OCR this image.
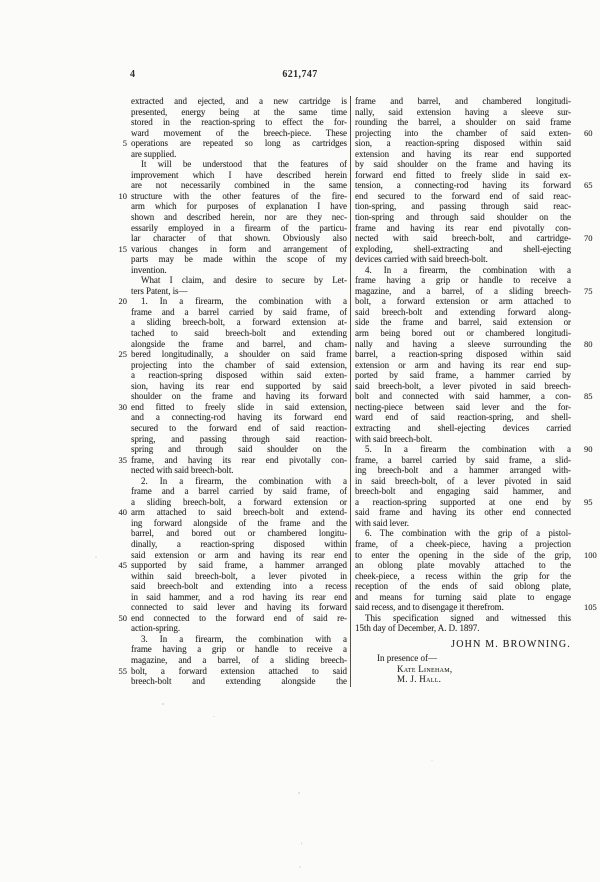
4	621,747
5
10
15
20
25
30
35
40
45
50
55
extracted and ejected, and a new cartridge is
presented, energy being at the same time
stored in the reaction-spring to effect the for-
ward movement of the breech-piece. These
operations are repeated so long as cartridges
are supplied.
It will be understood that the features of
improvement which I have described herein
are not necessarily combined in the same
structure with the other features of the fire-
arm which for purposes of explanation I have
shown and described herein, nor are they nec-
essarily employed in a firearm of the particu-
lar character of that shown. Obviously also
various changes in form and arrangement of
parts may be made within the scope of my
invention.
What I claim, and desire to secure by Let-
ters Patent, is—
1. In a firearm, the combination with a
frame and a barrel carried by said frame, of
a sliding breech-bolt, a forward extension at-
tached to said breech-bolt and extending
alongside the frame and barrel, and cham-
bered longitudinally, a shoulder on said frame
projecting into the chamber of said extension,
a reaction-spring disposed within said exten-
sion, having its rear end supported by said
shoulder on the frame and having its forward
end fitted to freely slide in said extension,
and a connecting-rod having its forward end
secured to the forward end of said reaction-
spring, and passing through said reaction-
spring and through said shoulder on the
frame, and having its rear end pivotally con-
nected with said breech-bolt.
2. In a firearm, the combination with a
frame and a barrel carried by said frame, of
a sliding breech-bolt, a forward extension or
arm attached to said breech-bolt and extend-
ing forward alongside of the frame and the
barrel, and bored out or chambered longitu-
dinally, a reaction-spring disposed within
said extension or arm and having its rear end
supported by said frame, a hammer arranged
within said breech-bolt, a lever pivoted in
said breech-bolt and extending into a recess
in said hammer, and a rod having its rear end
connected to said lever and having its forward
end connected to the forward end of said re-
action-spring.
3. In a firearm, the combination with a
frame having a grip or handle to receive a
magazine, and a barrel, of a sliding breech-
bolt, a forward extension attached to said
breech-bolt and extending alongside the
frame and barrel, and chambered longitudi-
nally, said extension having a sleeve sur-
rounding the barrel, a shoulder on said frame
projecting into the chamber of said exten-
sion, a reaction-spring disposed within said
extension and having its rear end supported
by said shoulder on the frame and having its
forward end fitted to freely slide in said ex-
tension, a connecting-rod having its forward
end secured to the forward end of said reac-
tion-spring, and passing through said reac-
tion-spring and through said shoulder on the
frame and having its rear end pivotally con-
nected with said breech-bolt, and cartridge-
exploding, shell-extracting and shell-ejecting
devices carried with said breech-bolt.
4. In a firearm, the combination with a
frame having a grip or handle to receive a
magazine, and a barrel, of a sliding breech-
bolt, a forward extension or arm attached to
said breech-bolt and extending forward along-
side the frame and barrel, said extension or
arm being bored out or chambered longitudi-
nally and having a sleeve surrounding the
barrel, a reaction-spring disposed within said
extension or arm and having its rear end sup-
ported by said frame, a hammer carried by
said breech-bolt, a lever pivoted in said breech-
bolt and connected with said hammer, a con-
necting-piece between said lever and the for-
ward end of said reaction-spring, and shell-
extracting and shell-ejecting devices carried
with said breech-bolt.
5. In a firearm the combination with a
frame, a barrel carried by said frame, a slid-
ing breech-bolt and a hammer arranged with-
in said breech-bolt, of a lever pivoted in said
breech-bolt and engaging said hammer, and
a reaction-spring supported at one end by
said frame and having its other end connected
with said lever.
6. The combination with the grip of a pistol-
frame, of a cheek-piece, having a projection
to enter the opening in the side of the grip,
an oblong plate movably attached to the
cheek-piece, a recess within the grip for the
reception of the ends of said oblong plate,
and means for turning said plate to engage
said recess, and to disengage it therefrom.
This specification signed and witnessed this
15th day of December, A. D. 1897.
60
65
70
75
80
85
90
95
100
105
JOHN M. BROWNING.
In presence of—
Kate Lineham,
M. J. Hall.
